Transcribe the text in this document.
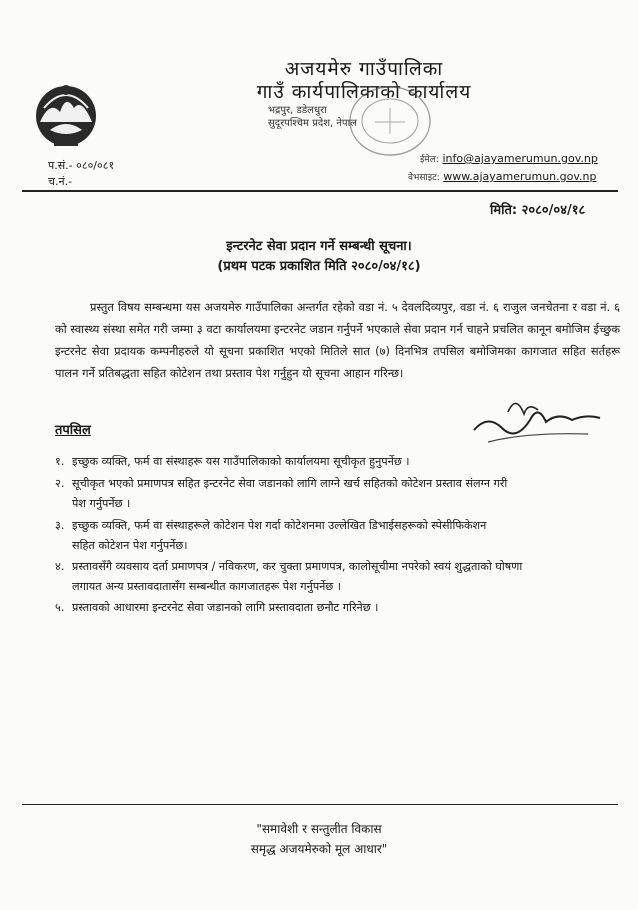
अजयमेरु गाउँपालिका
गाउँ कार्यपालिकाको कार्यालय
भद्रपुर, डडेलधुरा
सुदूरपश्चिम प्रदेश, नेपाल
प.सं.- ०८०/०८१
च.नं.-
ईमेल: info@ajayamerumun.gov.np
वेभसाइट: www.ajayamerumun.gov.np
मिति: २०८०/०४/१८
इन्टरनेट सेवा प्रदान गर्ने सम्बन्धी सूचना।
(प्रथम पटक प्रकाशित मिति २०८०/०४/१८)
प्रस्तुत विषय सम्बन्धमा यस अजयमेरु गाउँपालिका अन्तर्गत रहेको वडा नं. ५ देवलदिव्यपुर, वडा नं. ६ राजुल जनचेतना र वडा नं. ६ को स्वास्थ्य संस्था समेत गरी जम्मा ३ वटा कार्यालयमा इन्टरनेट जडान गर्नुपर्ने भएकाले सेवा प्रदान गर्न चाहने प्रचलित कानून बमोजिम ईच्छुक इन्टरनेट सेवा प्रदायक कम्पनीहरुले यो सूचना प्रकाशित भएको मितिले सात (७) दिनभित्र तपसिल बमोजिमका कागजात सहित सर्तहरू पालन गर्ने प्रतिबद्धता सहित कोटेशन तथा प्रस्ताव पेश गर्नुहुन यो सूचना आहान गरिन्छ।
तपसिल
१. इच्छुक व्यक्ति, फर्म वा संस्थाहरू यस गाउँपालिकाको कार्यालयमा सूचीकृत हुनुपर्नेछ ।
२. सूचीकृत भएको प्रमाणपत्र सहित इन्टरनेट सेवा जडानको लागि लाग्ने खर्च सहितको कोटेशन प्रस्ताव संलग्न गरी
पेश गर्नुपर्नेछ ।
३. इच्छुक व्यक्ति, फर्म वा संस्थाहरूले कोटेशन पेश गर्दा कोटेशनमा उल्लेखित डिभाईसहरूको स्पेसीफिकेशन
सहित कोटेशन पेश गर्नुपर्नेछ।
४. प्रस्तावसँगै व्यवसाय दर्ता प्रमाणपत्र / नविकरण, कर चुक्ता प्रमाणपत्र, कालोसूचीमा नपरेको स्वयं शुद्धताको घोषणा
लगायत अन्य प्रस्तावदातासँग सम्बन्धीत कागजातहरू पेश गर्नुपर्नेछ ।
५. प्रस्तावको आधारमा इन्टरनेट सेवा जडानको लागि प्रस्तावदाता छनौट गरिनेछ ।
"समावेशी र सन्तुलीत विकास
समृद्ध अजयमेरुको मूल आधार"
